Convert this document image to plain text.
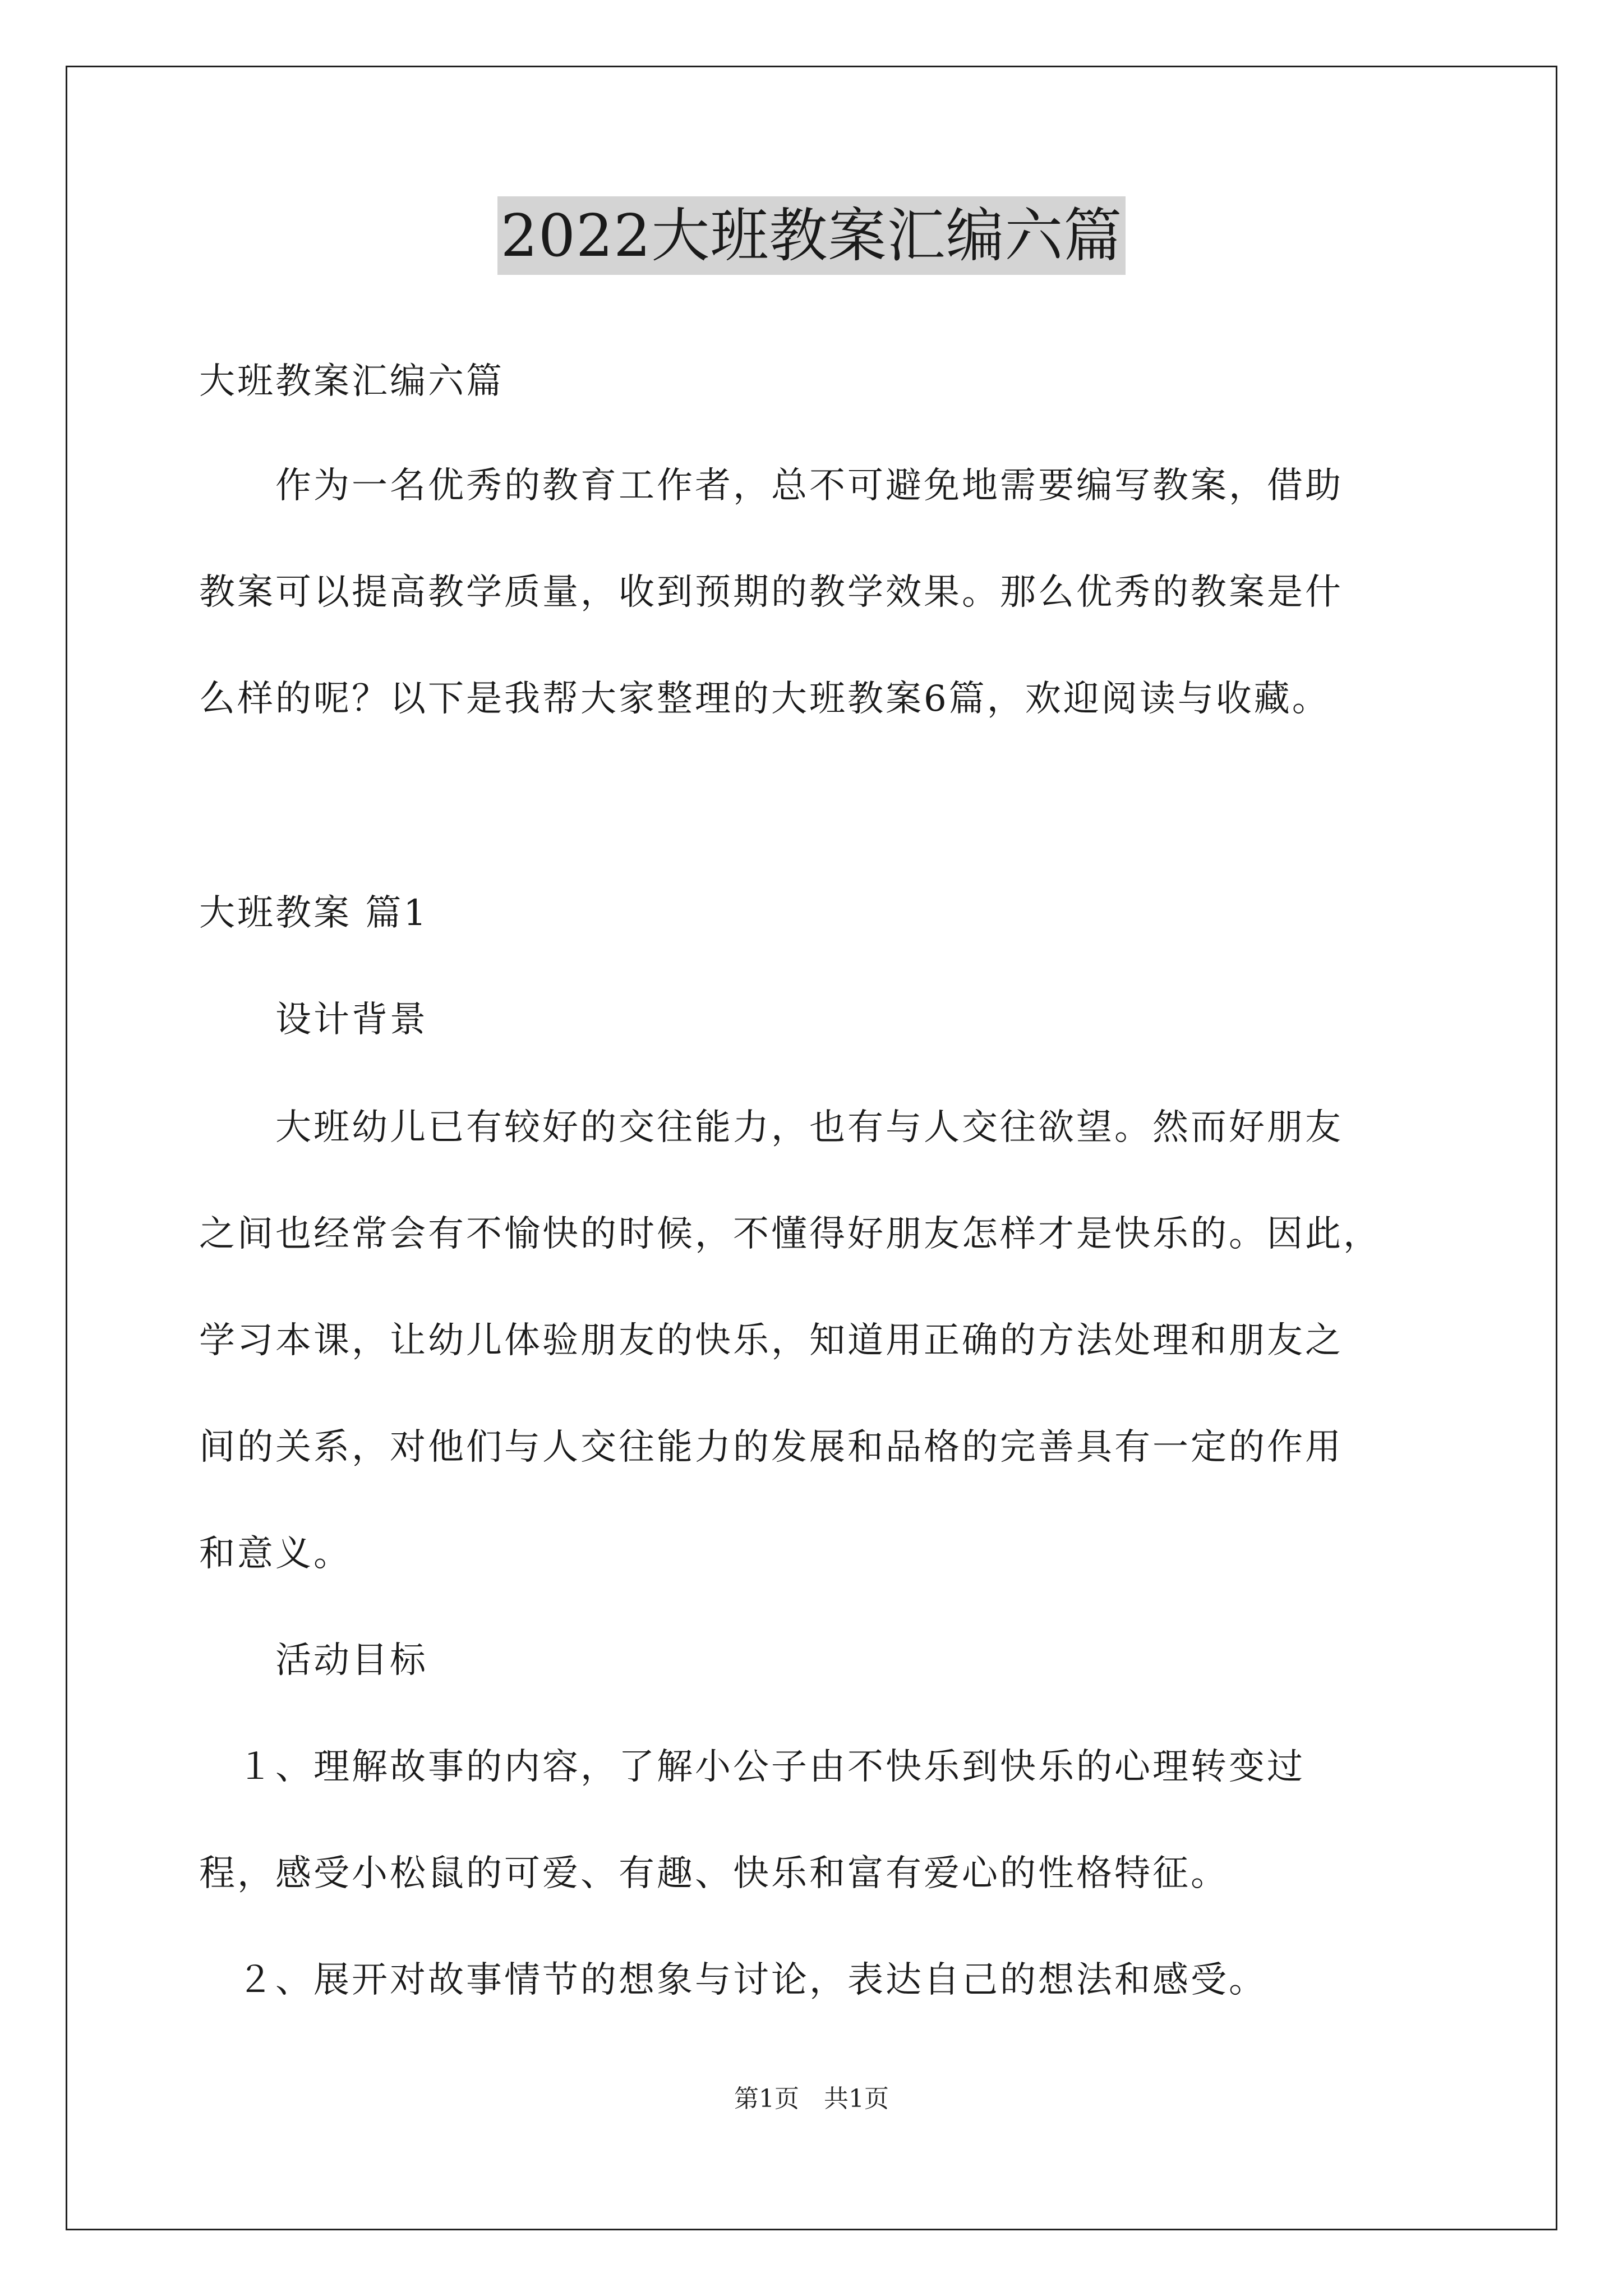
2022大班教案汇编六篇
大班教案汇编六篇
　　作为一名优秀的教育工作者，总不可避免地需要编写教案，借助
教案可以提高教学质量，收到预期的教学效果。那么优秀的教案是什
么样的呢？以下是我帮大家整理的大班教案6篇，欢迎阅读与收藏。
大班教案 篇1
　　设计背景
　　大班幼儿已有较好的交往能力，也有与人交往欲望。然而好朋友
之间也经常会有不愉快的时候，不懂得好朋友怎样才是快乐的。因此，
学习本课，让幼儿体验朋友的快乐，知道用正确的方法处理和朋友之
间的关系，对他们与人交往能力的发展和品格的完善具有一定的作用
和意义。
　　活动目标
　１、理解故事的内容，了解小公子由不快乐到快乐的心理转变过
程，感受小松鼠的可爱、有趣、快乐和富有爱心的性格特征。
　２、展开对故事情节的想象与讨论，表达自己的想法和感受。
第1页　共1页
